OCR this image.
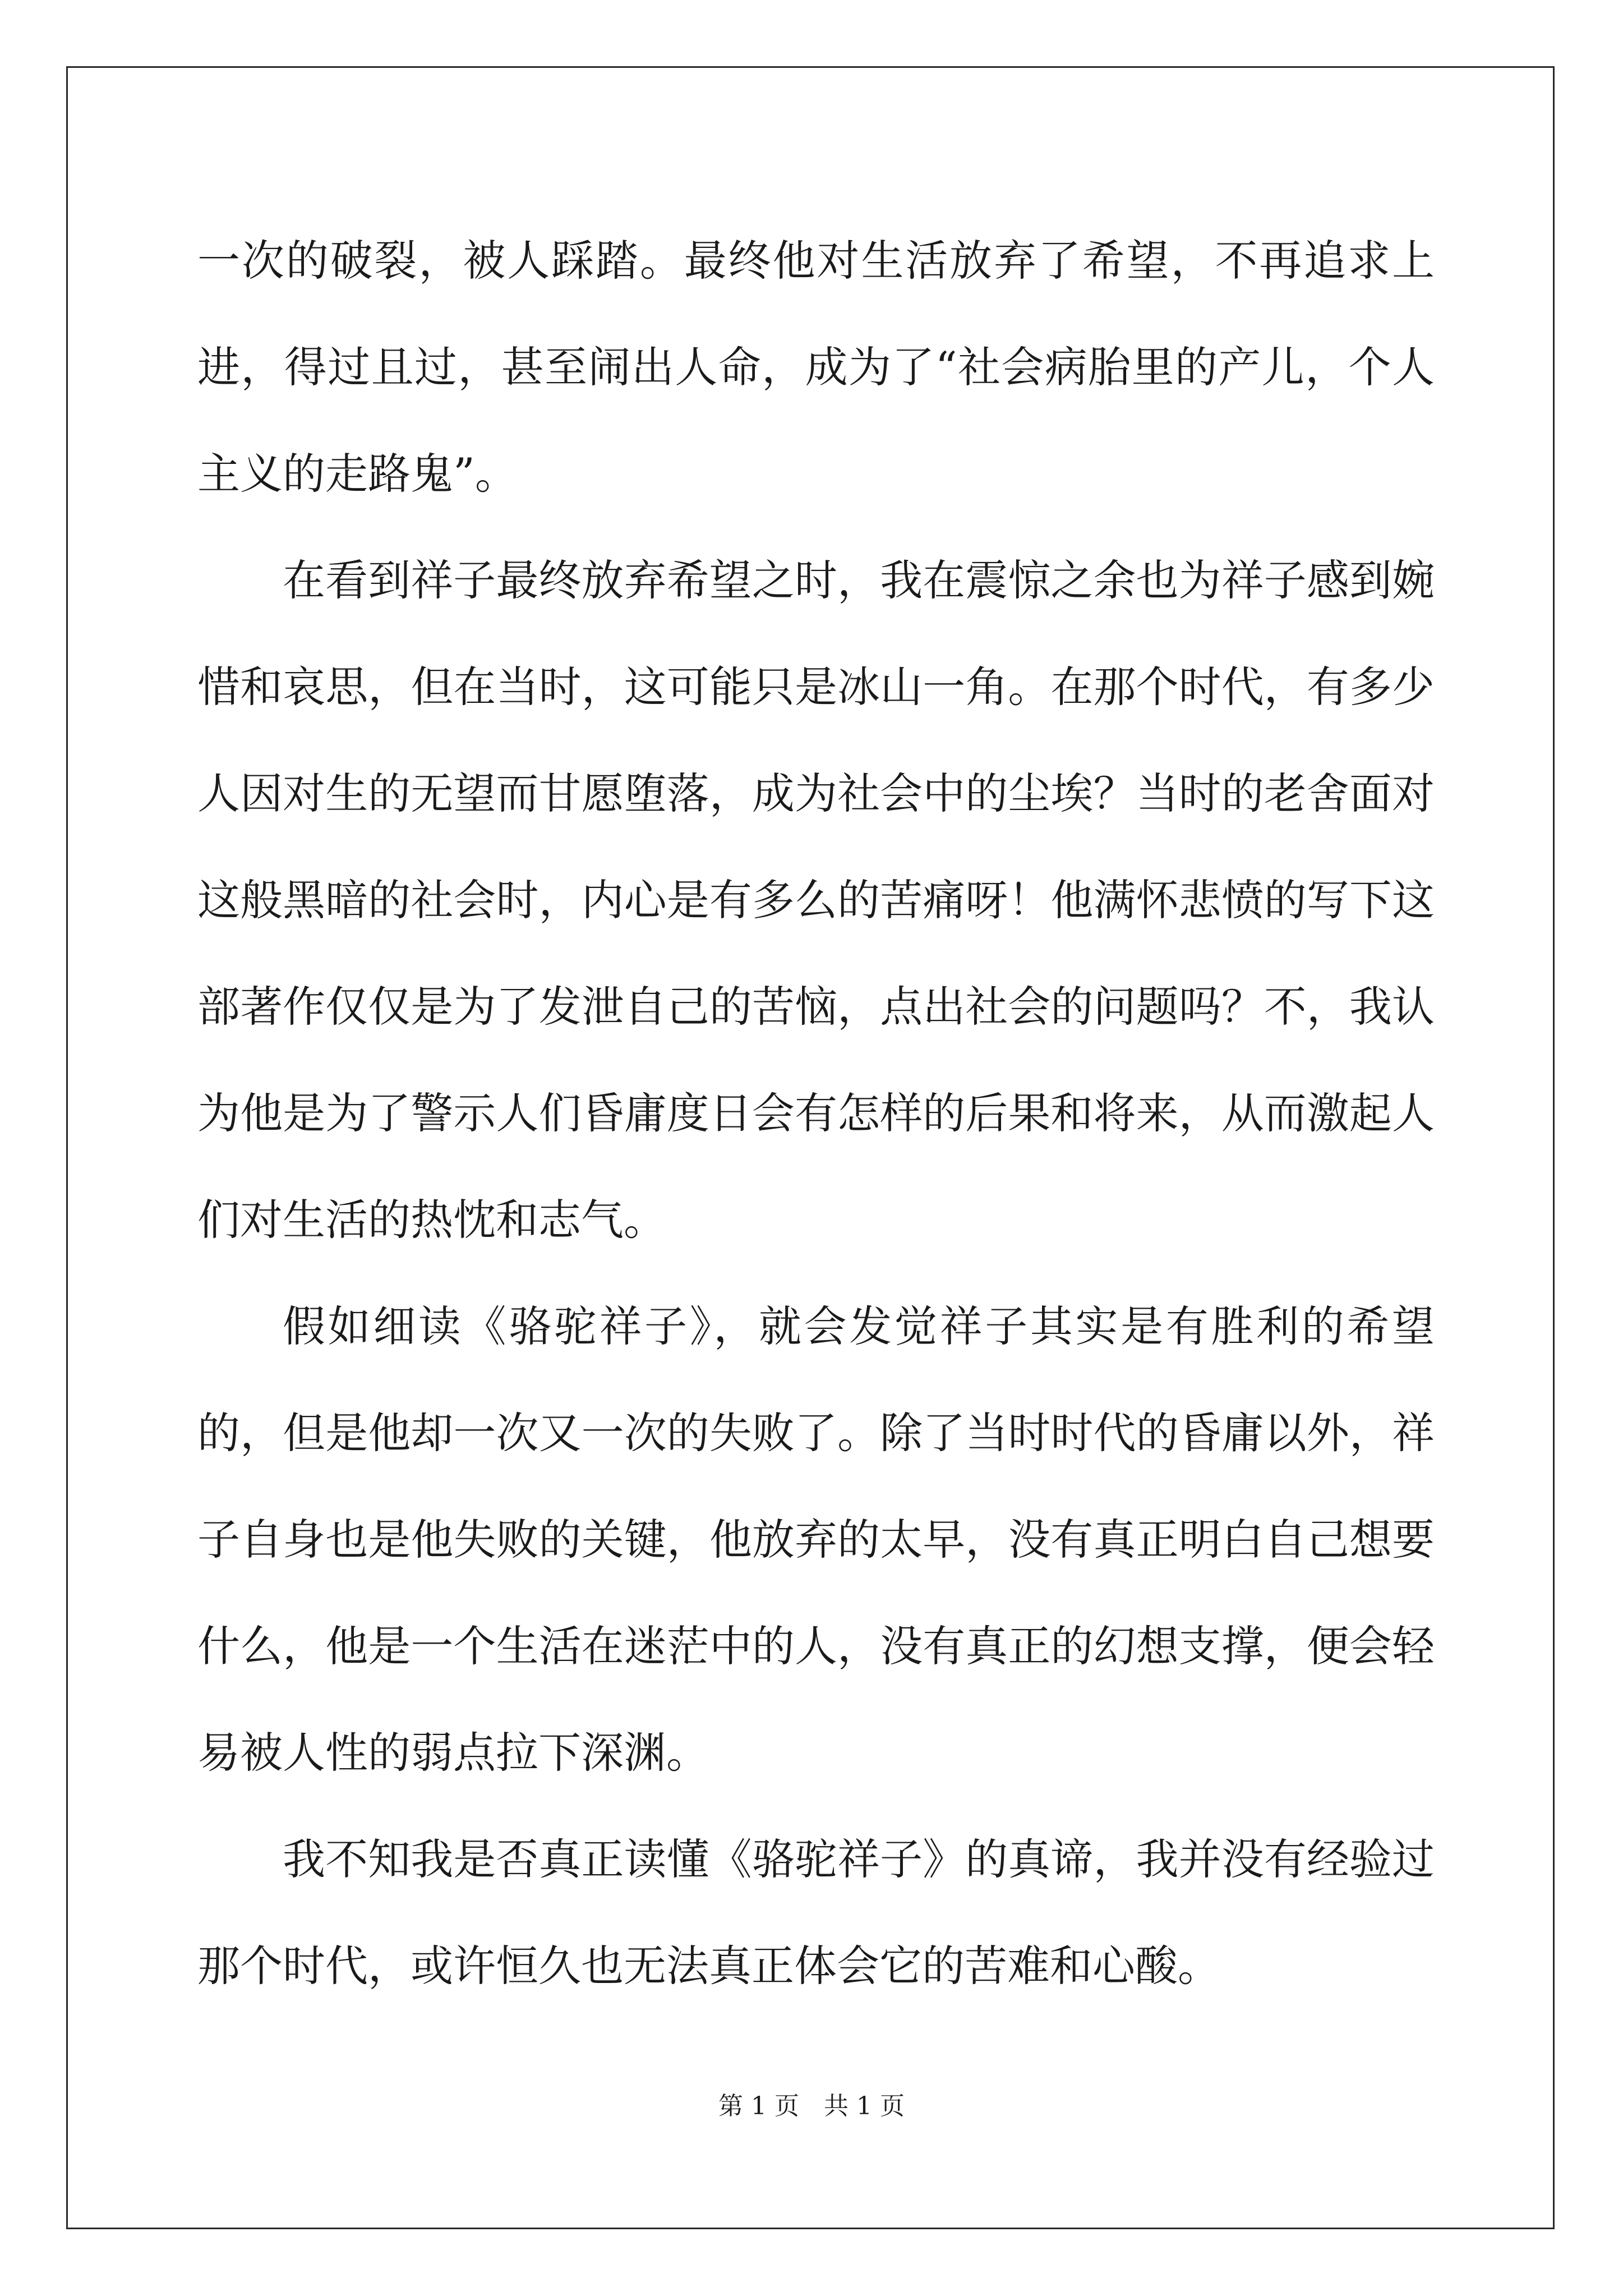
一次的破裂，被人踩踏。最终他对生活放弃了希望，不再追求上进，得过且过，甚至闹出人命，成为了“社会病胎里的产儿，个人主义的走路鬼”。

在看到祥子最终放弃希望之时，我在震惊之余也为祥子感到婉惜和哀思，但在当时，这可能只是冰山一角。在那个时代，有多少人因对生的无望而甘愿堕落，成为社会中的尘埃？当时的老舍面对这般黑暗的社会时，内心是有多么的苦痛呀！他满怀悲愤的写下这部著作仅仅是为了发泄自己的苦恼，点出社会的问题吗？不，我认为他是为了警示人们昏庸度日会有怎样的后果和将来，从而激起人们对生活的热忱和志气。

假如细读《骆驼祥子》，就会发觉祥子其实是有胜利的希望的，但是他却一次又一次的失败了。除了当时时代的昏庸以外，祥子自身也是他失败的关键，他放弃的太早，没有真正明白自己想要什么，他是一个生活在迷茫中的人，没有真正的幻想支撑，便会轻易被人性的弱点拉下深渊。

我不知我是否真正读懂《骆驼祥子》的真谛，我并没有经验过那个时代，或许恒久也无法真正体会它的苦难和心酸。

第 1 页 共 1 页
